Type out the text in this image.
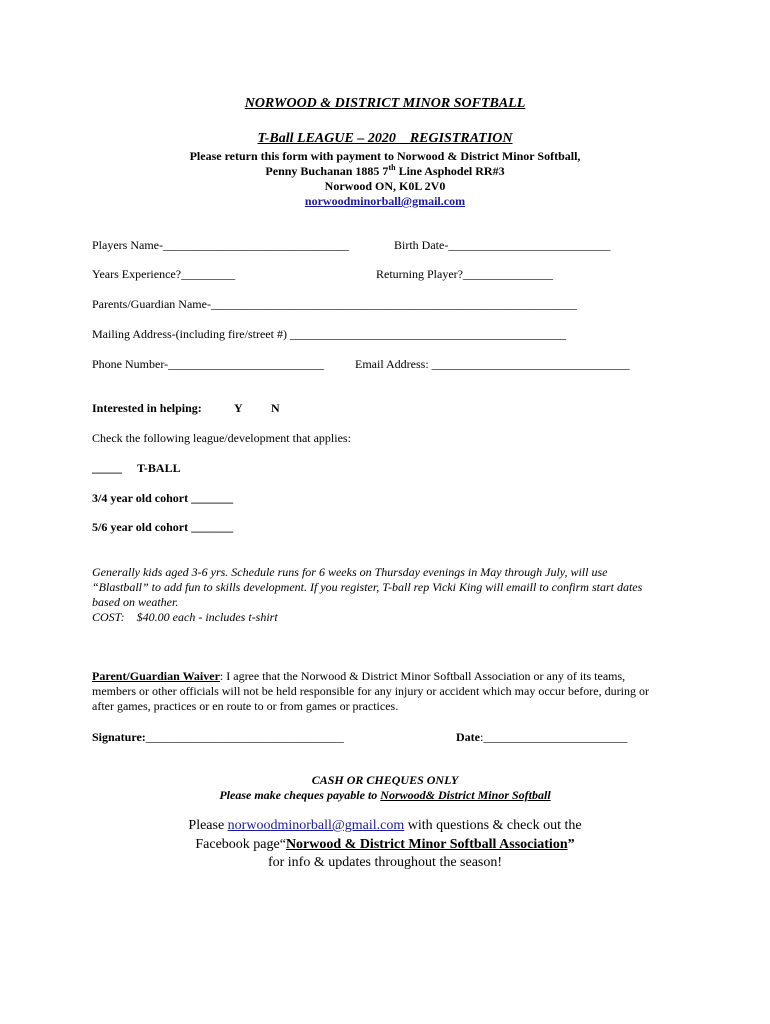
NORWOOD & DISTRICT MINOR SOFTBALL
T-Ball LEAGUE – 2020    REGISTRATION
Please return this form with payment to Norwood & District Minor Softball,
Penny Buchanan 1885 7th Line Asphodel RR#3
Norwood ON, K0L 2V0
norwoodminorball@gmail.com
Players Name-_______________________________	Birth Date-___________________________
Years Experience?_________	Returning Player?_______________
Parents/Guardian Name-_____________________________________________________________
Mailing Address-(including fire/street #) ______________________________________________
Phone Number-__________________________	Email Address: _________________________________
Interested in helping:	Y N
Check the following league/development that applies:
_____ T-BALL
3/4 year old cohort _______
5/6 year old cohort _______
Generally kids aged 3-6 yrs. Schedule runs for 6 weeks on Thursday evenings in May through July, will use
“Blastball” to add fun to skills development. If you register, T-ball rep Vicki King will emaill to confirm start dates
based on weather.
COST:    $40.00 each - includes t-shirt
Parent/Guardian Waiver: I agree that the Norwood & District Minor Softball Association or any of its teams,
members or other officials will not be held responsible for any injury or accident which may occur before, during or
after games, practices or en route to or from games or practices.
Signature:_________________________________	Date:________________________
CASH OR CHEQUES ONLY
Please make cheques payable to Norwood& District Minor Softball
Please norwoodminorball@gmail.com with questions & check out the
Facebook page“Norwood & District Minor Softball Association”
for info & updates throughout the season!
